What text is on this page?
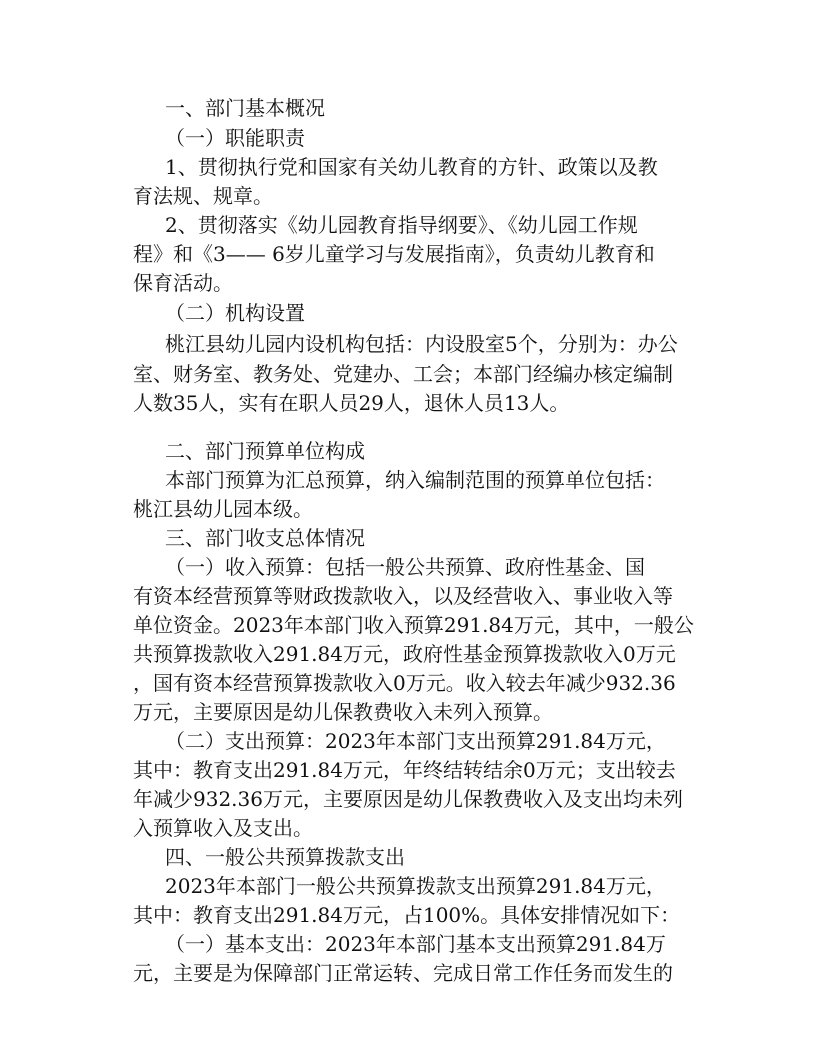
一、部门基本概况
（一）职能职责
1、贯彻执行党和国家有关幼儿教育的方针、政策以及教
育法规、规章。
2、贯彻落实《幼儿园教育指导纲要》、《幼儿园工作规
程》和《3—— 6岁儿童学习与发展指南》，负责幼儿教育和
保育活动。
（二）机构设置
桃江县幼儿园内设机构包括：内设股室5个，分别为：办公
室、财务室、教务处、党建办、工会；本部门经编办核定编制
人数35人，实有在职人员29人，退休人员13人。
二、部门预算单位构成
本部门预算为汇总预算，纳入编制范围的预算单位包括：
桃江县幼儿园本级。
三、部门收支总体情况
（一）收入预算：包括一般公共预算、政府性基金、国
有资本经营预算等财政拨款收入，以及经营收入、事业收入等
单位资金。2023年本部门收入预算291.84万元，其中，一般公
共预算拨款收入291.84万元，政府性基金预算拨款收入0万元
，国有资本经营预算拨款收入0万元。收入较去年减少932.36
万元，主要原因是幼儿保教费收入未列入预算。
（二）支出预算：2023年本部门支出预算291.84万元，
其中：教育支出291.84万元，年终结转结余0万元；支出较去
年减少932.36万元，主要原因是幼儿保教费收入及支出均未列
入预算收入及支出。
四、一般公共预算拨款支出
2023年本部门一般公共预算拨款支出预算291.84万元，
其中：教育支出291.84万元，占100%。具体安排情况如下：
（一）基本支出：2023年本部门基本支出预算291.84万
元，主要是为保障部门正常运转、完成日常工作任务而发生的
